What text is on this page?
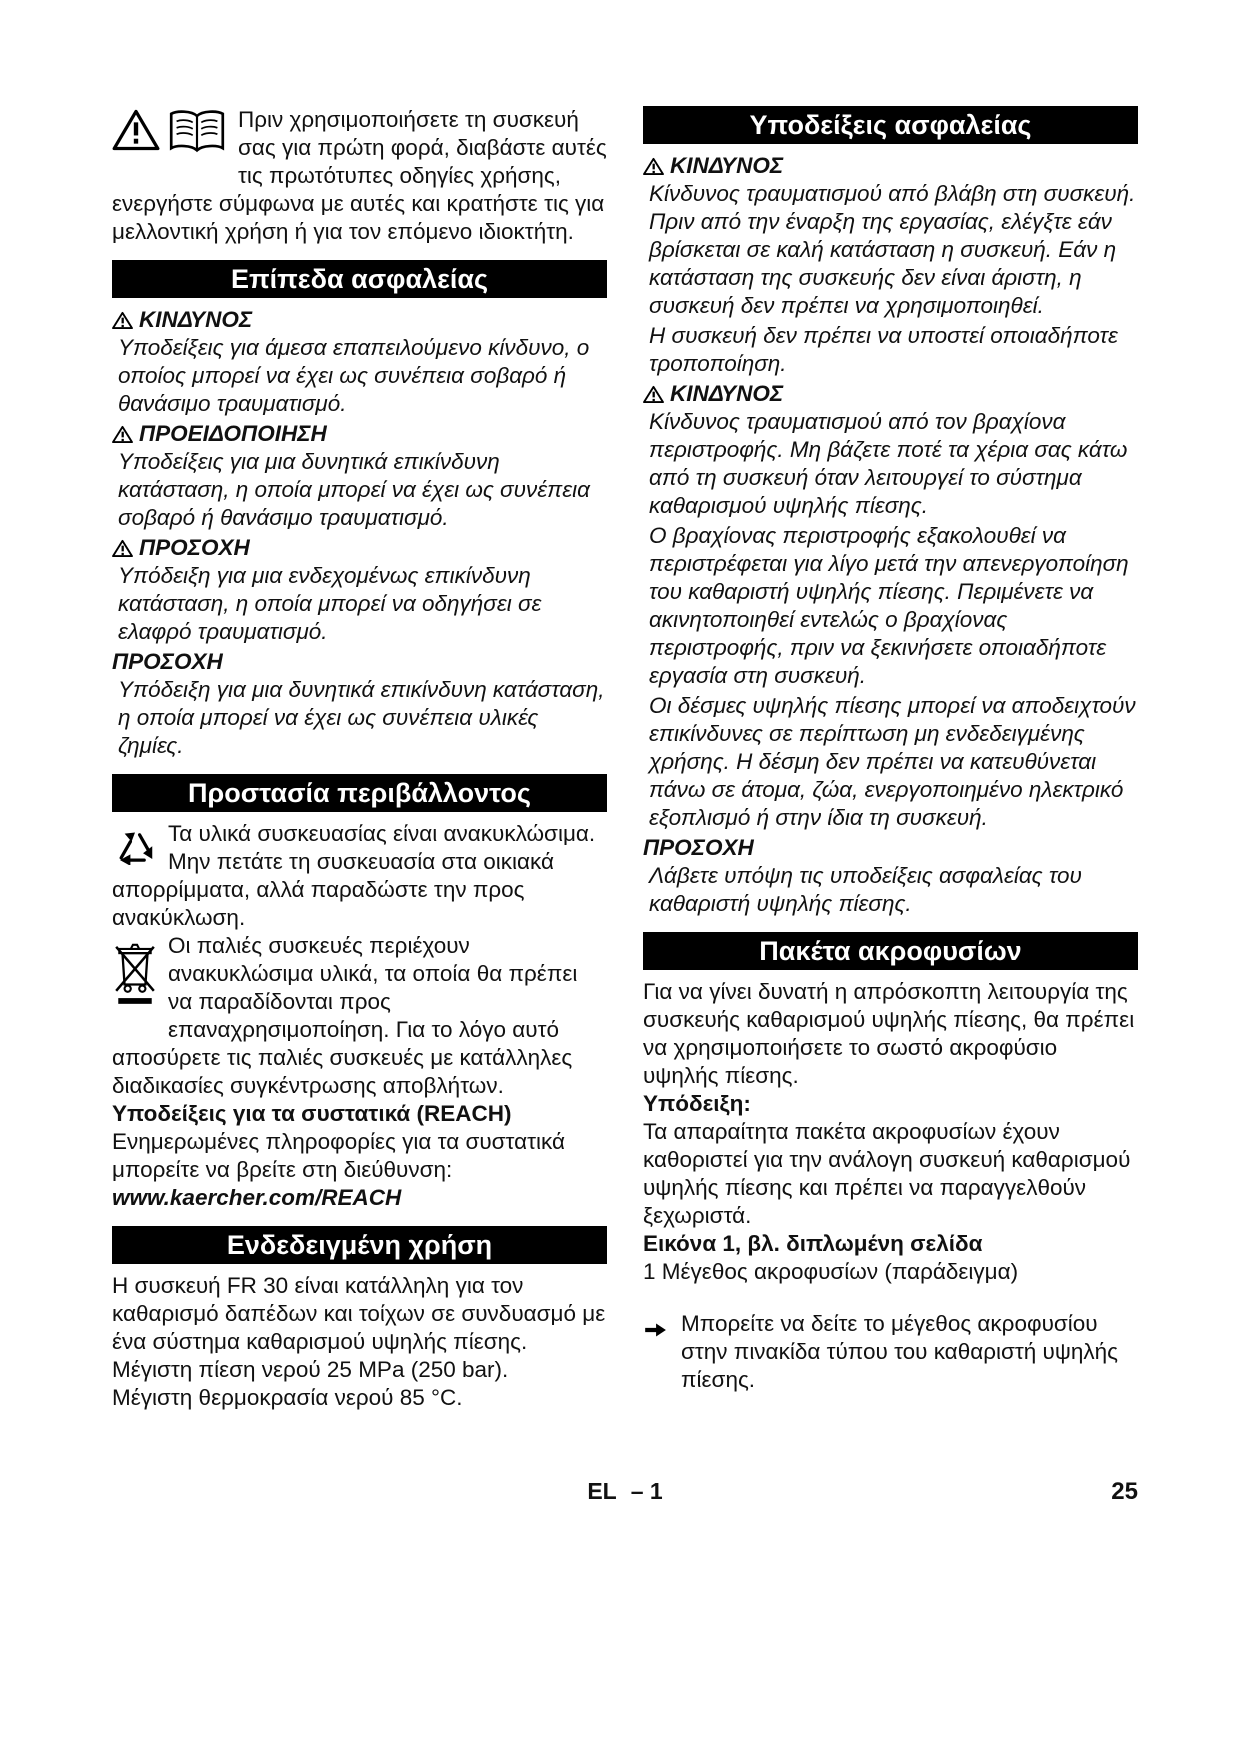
Πριν χρησιμοποιήσετε τη συσκευή σας για πρώτη φορά, διαβάστε αυτές τις πρωτότυπες οδηγίες χρήσης, ενεργήστε σύμφωνα με αυτές και κρατήστε τις για μελλοντική χρήση ή για τον επόμενο ιδιοκτήτη.

Επίπεδα ασφαλείας

ΚΙΝΔΥΝΟΣ

Υποδείξεις για άμεσα επαπειλούμενο κίνδυνο, ο οποίος μπορεί να έχει ως συνέπεια σοβαρό ή θανάσιμο τραυματισμό.

ΠΡΟΕΙΔΟΠΟΙΗΣΗ

Υποδείξεις για μια δυνητικά επικίνδυνη κατάσταση, η οποία μπορεί να έχει ως συνέπεια σοβαρό ή θανάσιμο τραυματισμό.

ΠΡΟΣΟΧΗ

Υπόδειξη για μια ενδεχομένως επικίνδυνη κατάσταση, η οποία μπορεί να οδηγήσει σε ελαφρό τραυματισμό.

ΠΡΟΣΟΧΗ

Υπόδειξη για μια δυνητικά επικίνδυνη κατάσταση, η οποία μπορεί να έχει ως συνέπεια υλικές ζημίες.

Προστασία περιβάλλοντος

Τα υλικά συσκευασίας είναι ανακυκλώσιμα. Μην πετάτε τη συσκευασία στα οικιακά απορρίμματα, αλλά παραδώστε την προς ανακύκλωση.

Οι παλιές συσκευές περιέχουν ανακυκλώσιμα υλικά, τα οποία θα πρέπει να παραδίδονται προς επαναχρησιμοποίηση. Για το λόγο αυτό αποσύρετε τις παλιές συσκευές με κατάλληλες διαδικασίες συγκέντρωσης αποβλήτων.

Υποδείξεις για τα συστατικά (REACH)

Ενημερωμένες πληροφορίες για τα συστατικά μπορείτε να βρείτε στη διεύθυνση:

www.kaercher.com/REACH

Ενδεδειγμένη χρήση

Η συσκευή FR 30 είναι κατάλληλη για τον καθαρισμό δαπέδων και τοίχων σε συνδυασμό με ένα σύστημα καθαρισμού υψηλής πίεσης.

Μέγιστη πίεση νερού 25 MPa (250 bar).

Μέγιστη θερμοκρασία νερού 85 °C.

Υποδείξεις ασφαλείας

ΚΙΝΔΥΝΟΣ

Κίνδυνος τραυματισμού από βλάβη στη συσκευή. Πριν από την έναρξη της εργασίας, ελέγξτε εάν βρίσκεται σε καλή κατάσταση η συσκευή. Εάν η κατάσταση της συσκευής δεν είναι άριστη, η συσκευή δεν πρέπει να χρησιμοποιηθεί.

Η συσκευή δεν πρέπει να υποστεί οποιαδήποτε τροποποίηση.

ΚΙΝΔΥΝΟΣ

Κίνδυνος τραυματισμού από τον βραχίονα περιστροφής. Μη βάζετε ποτέ τα χέρια σας κάτω από τη συσκευή όταν λειτουργεί το σύστημα καθαρισμού υψηλής πίεσης.

Ο βραχίονας περιστροφής εξακολουθεί να περιστρέφεται για λίγο μετά την απενεργοποίηση του καθαριστή υψηλής πίεσης. Περιμένετε να ακινητοποιηθεί εντελώς ο βραχίονας περιστροφής, πριν να ξεκινήσετε οποιαδήποτε εργασία στη συσκευή.

Οι δέσμες υψηλής πίεσης μπορεί να αποδειχτούν επικίνδυνες σε περίπτωση μη ενδεδειγμένης χρήσης. Η δέσμη δεν πρέπει να κατευθύνεται πάνω σε άτομα, ζώα, ενεργοποιημένο ηλεκτρικό εξοπλισμό ή στην ίδια τη συσκευή.

ΠΡΟΣΟΧΗ

Λάβετε υπόψη τις υποδείξεις ασφαλείας του καθαριστή υψηλής πίεσης.

Πακέτα ακροφυσίων

Για να γίνει δυνατή η απρόσκοπτη λειτουργία της συσκευής καθαρισμού υψηλής πίεσης, θα πρέπει να χρησιμοποιήσετε το σωστό ακροφύσιο υψηλής πίεσης.

Υπόδειξη:

Τα απαραίτητα πακέτα ακροφυσίων έχουν καθοριστεί για την ανάλογη συσκευή καθαρισμού υψηλής πίεσης και πρέπει να παραγγελθούν ξεχωριστά.

Εικόνα 1, βλ. διπλωμένη σελίδα

1 Μέγεθος ακροφυσίων (παράδειγμα)

Μπορείτε να δείτε το μέγεθος ακροφυσίου στην πινακίδα τύπου του καθαριστή υψηλής πίεσης.

EL – 1	25
